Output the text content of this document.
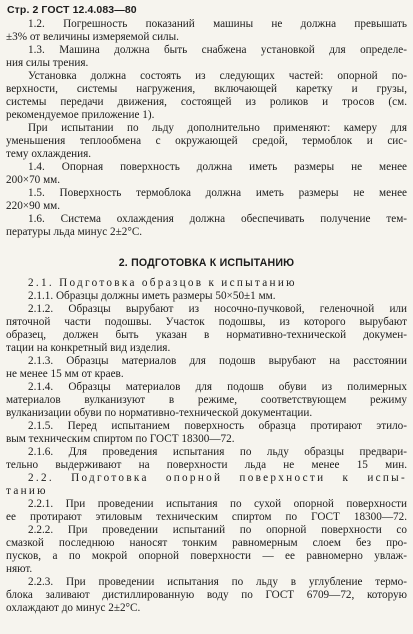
Стр. 2 ГОСТ 12.4.083—80
1.2. Погрешность показаний машины не должна превышать
±3% от величины измеряемой силы.
1.3. Машина должна быть снабжена установкой для определе-
ния силы трения.
Установка должна состоять из следующих частей: опорной по-
верхности, системы нагружения, включающей каретку и грузы,
системы передачи движения, состоящей из роликов и тросов (см.
рекомендуемое приложение 1).
При испытании по льду дополнительно применяют: камеру для
уменьшения теплообмена с окружающей средой, термоблок и сис-
тему охлаждения.
1.4. Опорная поверхность должна иметь размеры не менее
200×70 мм.
1.5. Поверхность термоблока должна иметь размеры не менее
220×90 мм.
1.6. Система охлаждения должна обеспечивать получение тем-
пературы льда минус 2±2°С.
2. ПОДГОТОВКА К ИСПЫТАНИЮ
2.1. Подготовка образцов к испытанию
2.1.1. Образцы должны иметь размеры 50×50±1 мм.
2.1.2. Образцы вырубают из носочно-пучковой, геленочной или
пяточной части подошвы. Участок подошвы, из которого вырубают
образец, должен быть указан в нормативно-технической докумен-
тации на конкретный вид изделия.
2.1.3. Образцы материалов для подошв вырубают на расстоянии
не менее 15 мм от краев.
2.1.4. Образцы материалов для подошв обуви из полимерных
материалов вулканизуют в режиме, соответствующем режиму
вулканизации обуви по нормативно-технической документации.
2.1.5. Перед испытанием поверхность образца протирают этило-
вым техническим спиртом по ГОСТ 18300—72.
2.1.6. Для проведения испытания по льду образцы предвари-
тельно выдерживают на поверхности льда не менее 15 мин.
2.2. Подготовка опорной поверхности к испы-
танию
2.2.1. При проведении испытания по сухой опорной поверхности
ее протирают этиловым техническим спиртом по ГОСТ 18300—72.
2.2.2. При проведении испытаний по опорной поверхности со
смазкой последнюю наносят тонким равномерным слоем без про-
пусков, а по мокрой опорной поверхности — ее равномерно увлаж-
няют.
2.2.3. При проведении испытания по льду в углубление термо-
блока заливают дистиллированную воду по ГОСТ 6709—72, которую
охлаждают до минус 2±2°С.
